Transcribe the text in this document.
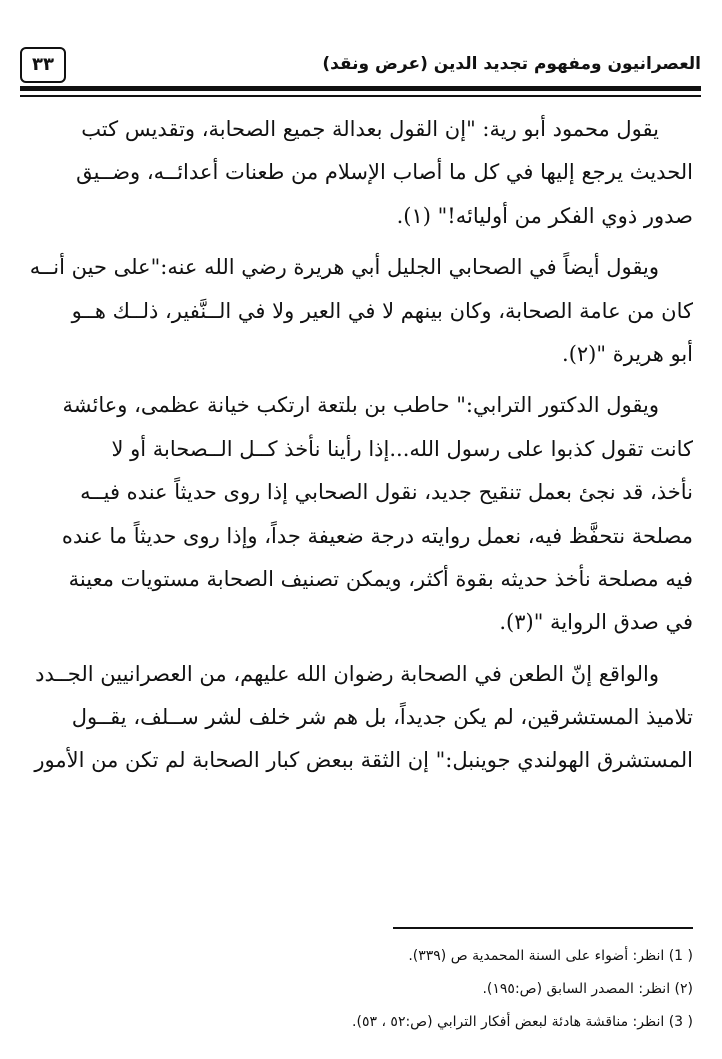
٣٣	العصرانيون ومفهوم تجديد الدين (عرض ونقد)
يقول محمود أبو رية: "إن القول بعدالة جميع الصحابة، وتقديس كتب
الحديث يرجع إليها في كل ما أصاب الإسلام من طعنات أعدائــه، وضــيق
صدور ذوي الفكر من أوليائه!" (١).
ويقول أيضاً في الصحابي الجليل أبي هريرة رضي الله عنه:"على حين أنــه
كان من عامة الصحابة، وكان بينهم لا في العير ولا في الــنَّفير، ذلــك هــو
أبو هريرة "(٢).
ويقول الدكتور الترابي:" حاطب بن بلتعة ارتكب خيانة عظمى، وعائشة
كانت تقول كذبوا على رسول الله...إذا رأينا نأخذ كــل الــصحابة أو لا
نأخذ، قد نجئ بعمل تنقيح جديد، نقول الصحابي إذا روى حديثاً عنده فيــه
مصلحة نتحفَّظ فيه، نعمل روايته درجة ضعيفة جداً، وإذا روى حديثاً ما عنده
فيه مصلحة نأخذ حديثه بقوة أكثر، ويمكن تصنيف الصحابة مستويات معينة
في صدق الرواية "(٣).
والواقع إنّ الطعن في الصحابة رضوان الله عليهم، من العصرانيين الجــدد
تلاميذ المستشرقين، لم يكن جديداً، بل هم شر خلف لشر ســلف، يقــول
المستشرق الهولندي جوينبل:" إن الثقة ببعض كبار الصحابة لم تكن من الأمور
( 1) انظر: أضواء على السنة المحمدية ص (٣٣٩).
(٢) انظر: المصدر السابق (ص:١٩٥).
( 3) انظر: مناقشة هادئة لبعض أفكار الترابي (ص:٥٢ ، ٥٣).
